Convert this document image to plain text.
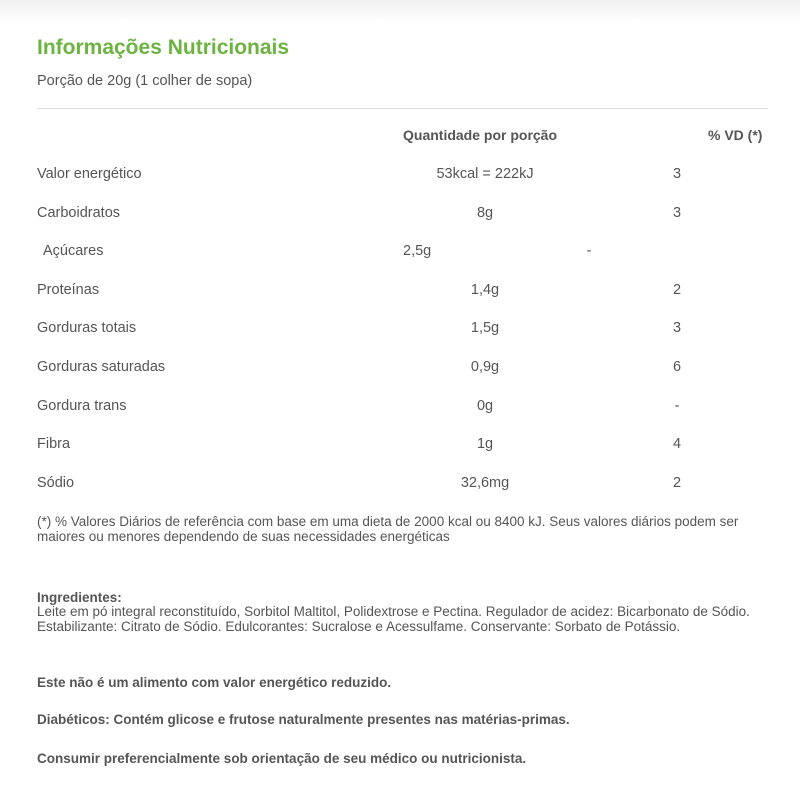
Informações Nutricionais
Porção de 20g (1 colher de sopa)
Quantidade por porção	% VD (*)
Valor energético	53kcal = 222kJ	3
Carboidratos	8g	3
Açúcares	2,5g	-
Proteínas	1,4g	2
Gorduras totais	1,5g	3
Gorduras saturadas	0,9g	6
Gordura trans	0g	-
Fibra	1g	4
Sódio	32,6mg	2
(*) % Valores Diários de referência com base em uma dieta de 2000 kcal ou 8400 kJ. Seus valores diários podem ser maiores ou menores dependendo de suas necessidades energéticas
Ingredientes:
Leite em pó integral reconstituído, Sorbitol Maltitol, Polidextrose e Pectina. Regulador de acidez: Bicarbonato de Sódio. Estabilizante: Citrato de Sódio. Edulcorantes: Sucralose e Acessulfame. Conservante: Sorbato de Potássio.
Este não é um alimento com valor energético reduzido.
Diabéticos: Contém glicose e frutose naturalmente presentes nas matérias-primas.
Consumir preferencialmente sob orientação de seu médico ou nutricionista.
